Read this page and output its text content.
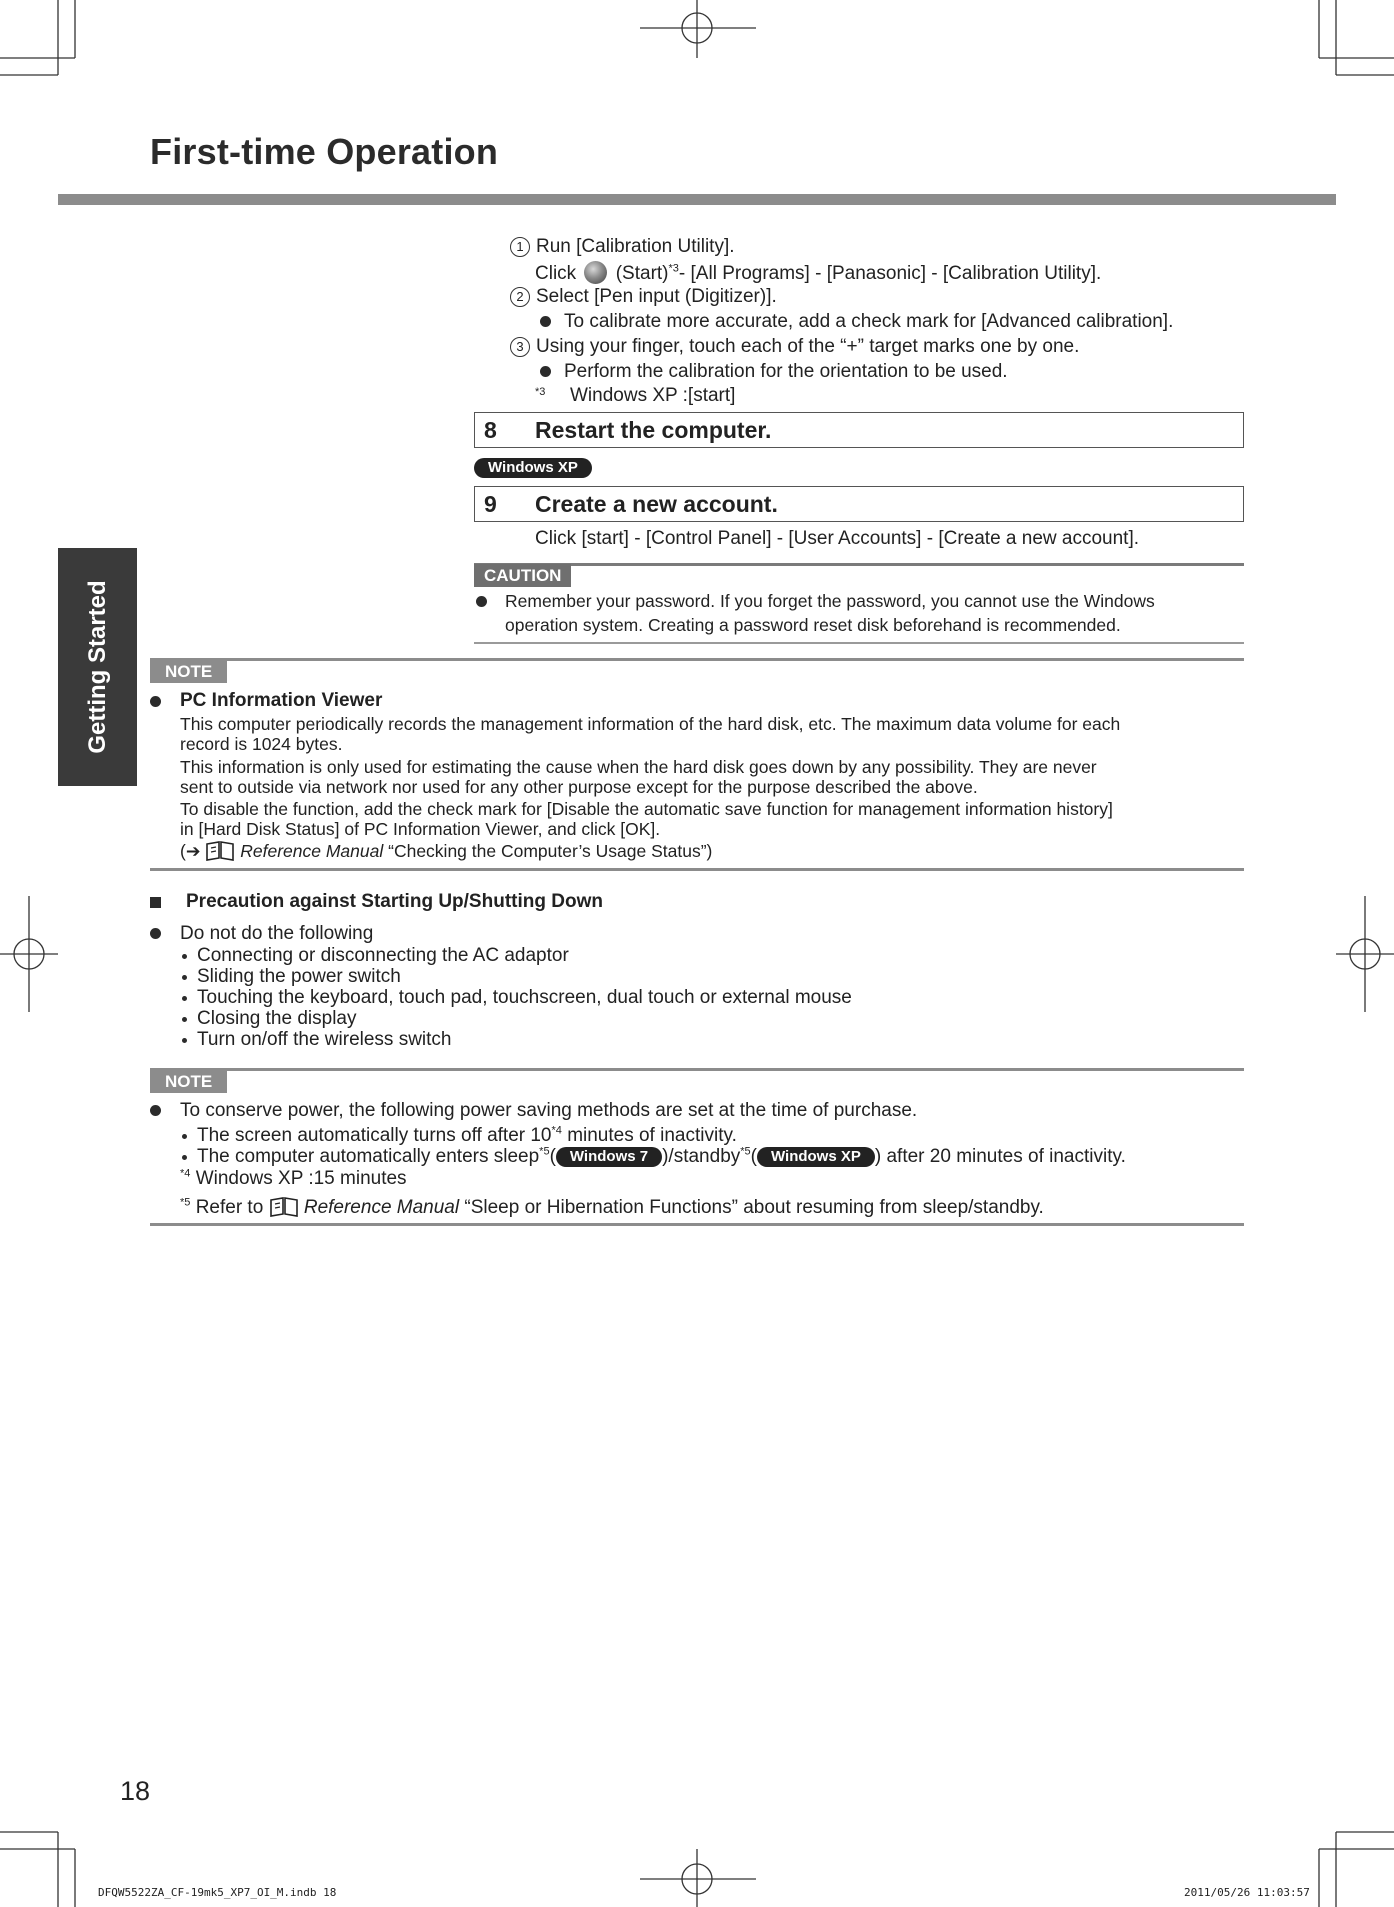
First-time Operation
Getting Started
1 Run [Calibration Utility].
Click (Start)$^{*3}$- [All Programs] - [Panasonic] - [Calibration Utility].
2 Select [Pen input (Digitizer)].
To calibrate more accurate, add a check mark for [Advanced calibration].
3 Using your finger, touch each of the “+” target marks one by one.
Perform the calibration for the orientation to be used.
*3 Windows XP :[start]
8 Restart the computer.
Windows XP
9 Create a new account.
Click [start] - [Control Panel] - [User Accounts] - [Create a new account].
CAUTION
Remember your password. If you forget the password, you cannot use the Windows
operation system. Creating a password reset disk beforehand is recommended.
NOTE
PC Information Viewer
This computer periodically records the management information of the hard disk, etc. The maximum data volume for each
record is 1024 bytes.
This information is only used for estimating the cause when the hard disk goes down by any possibility. They are never
sent to outside via network nor used for any other purpose except for the purpose described the above.
To disable the function, add the check mark for [Disable the automatic save function for management information history]
in [Hard Disk Status] of PC Information Viewer, and click [OK].
(➔ Reference Manual “Checking the Computer’s Usage Status”)
Precaution against Starting Up/Shutting Down
Do not do the following
Connecting or disconnecting the AC adaptor
Sliding the power switch
Touching the keyboard, touch pad, touchscreen, dual touch or external mouse
Closing the display
Turn on/off the wireless switch
NOTE
To conserve power, the following power saving methods are set at the time of purchase.
The screen automatically turns off after 10$^{*4}$ minutes of inactivity.
The computer automatically enters sleep$^{*5}$( Windows 7 )/standby$^{*5}$( Windows XP ) after 20 minutes of inactivity.
$^{*4}$ Windows XP :15 minutes
$^{*5}$ Refer to Reference Manual “Sleep or Hibernation Functions” about resuming from sleep/standby.
18
DFQW5522ZA_CF-19mk5_XP7_OI_M.indb 18	2011/05/26 11:03:57
